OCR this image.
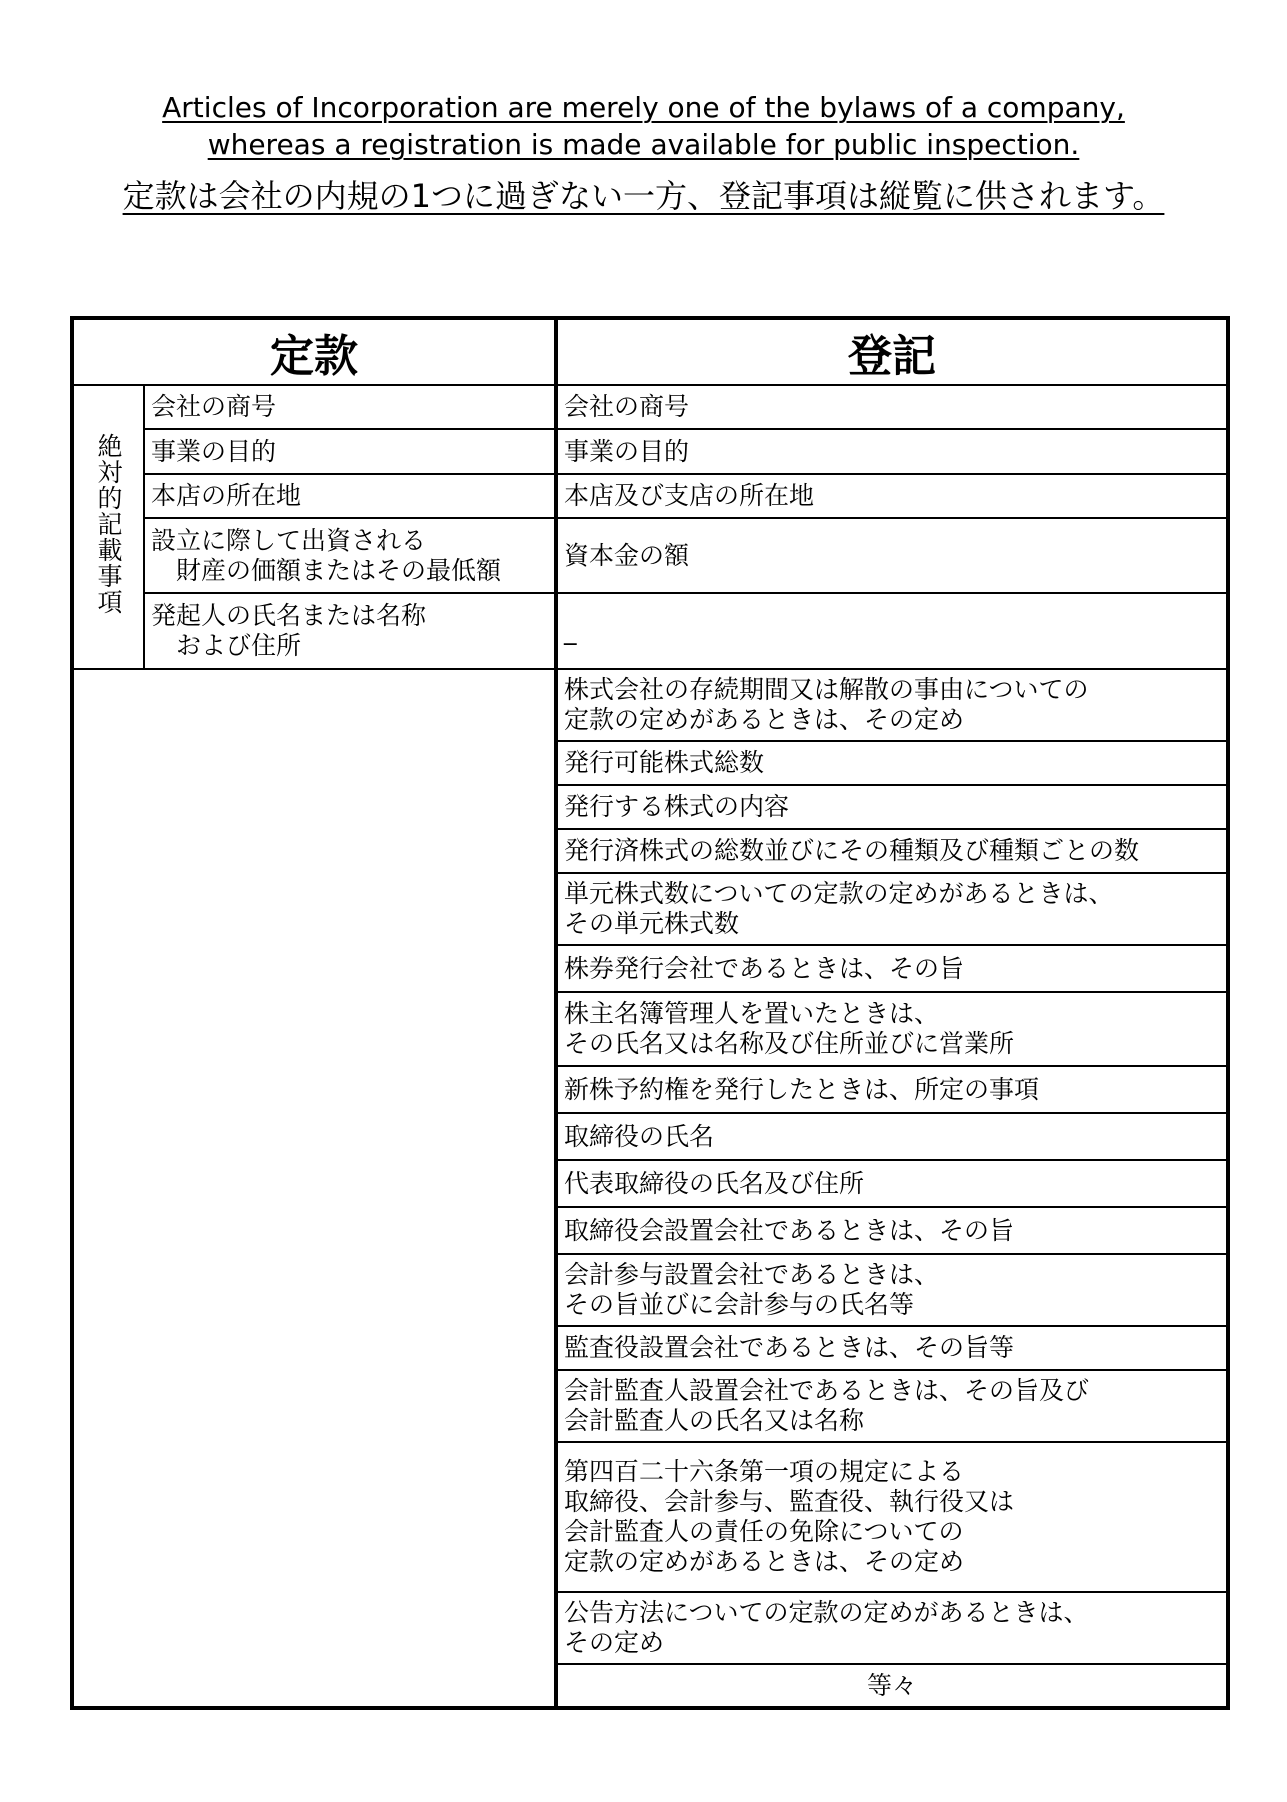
Articles of Incorporation are merely one of the bylaws of a company,
whereas a registration is made available for public inspection.
定款は会社の内規の1つに過ぎない一方、登記事項は縦覧に供されます。
定款		登記
絶対的記載事項	会社の商号	会社の商号
	事業の目的	事業の目的
	本店の所在地	本店及び支店の所在地
	設立に際して出資される
　財産の価額またはその最低額	資本金の額
	発起人の氏名または名称
　および住所	_
		株式会社の存続期間又は解散の事由についての
定款の定めがあるときは、その定め
		発行可能株式総数
		発行する株式の内容
		発行済株式の総数並びにその種類及び種類ごとの数
		単元株式数についての定款の定めがあるときは、
その単元株式数
		株券発行会社であるときは、その旨
		株主名簿管理人を置いたときは、
その氏名又は名称及び住所並びに営業所
		新株予約権を発行したときは、所定の事項
		取締役の氏名
		代表取締役の氏名及び住所
		取締役会設置会社であるときは、その旨
		会計参与設置会社であるときは、
その旨並びに会計参与の氏名等
		監査役設置会社であるときは、その旨等
		会計監査人設置会社であるときは、その旨及び
会計監査人の氏名又は名称
		第四百二十六条第一項の規定による
取締役、会計参与、監査役、執行役又は
会計監査人の責任の免除についての
定款の定めがあるときは、その定め
		公告方法についての定款の定めがあるときは、
その定め
		等々
